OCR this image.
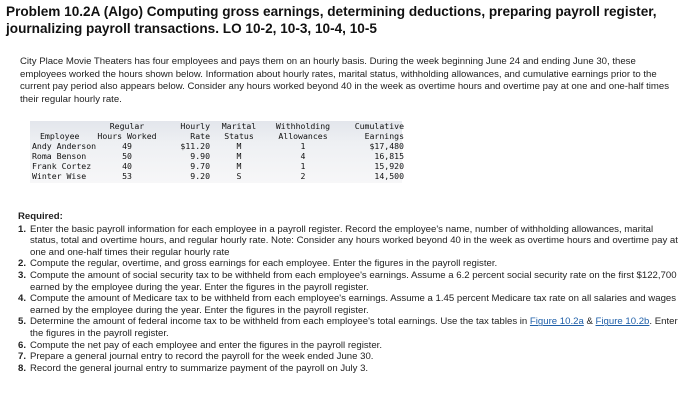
Problem 10.2A (Algo) Computing gross earnings, determining deductions, preparing payroll register, journalizing payroll transactions. LO 10-2, 10-3, 10-4, 10-5
City Place Movie Theaters has four employees and pays them on an hourly basis. During the week beginning June 24 and ending June 30, these employees worked the hours shown below. Information about hourly rates, marital status, withholding allowances, and cumulative earnings prior to the current pay period also appears below. Consider any hours worked beyond 40 in the week as overtime hours and overtime pay at one and one-half times their regular hourly rate.
Regular	Hourly	Marital	Withholding	Cumulative
Employee	Hours Worked	Rate	Status	Allowances	Earnings
Andy Anderson	49	$11.20	M	1	$17,480
Roma Benson	50	9.90	M	4	16,815
Frank Cortez	40	9.70	M	1	15,920
Winter Wise	53	9.20	S	2	14,500
Required:
1. Enter the basic payroll information for each employee in a payroll register. Record the employee's name, number of withholding allowances, marital status, total and overtime hours, and regular hourly rate. Note: Consider any hours worked beyond 40 in the week as overtime hours and overtime pay at one and one-half times their regular hourly rate
2. Compute the regular, overtime, and gross earnings for each employee. Enter the figures in the payroll register.
3. Compute the amount of social security tax to be withheld from each employee's earnings. Assume a 6.2 percent social security rate on the first $122,700 earned by the employee during the year. Enter the figures in the payroll register.
4. Compute the amount of Medicare tax to be withheld from each employee's earnings. Assume a 1.45 percent Medicare tax rate on all salaries and wages earned by the employee during the year. Enter the figures in the payroll register.
5. Determine the amount of federal income tax to be withheld from each employee's total earnings. Use the tax tables in Figure 10.2a & Figure 10.2b. Enter the figures in the payroll register.
6. Compute the net pay of each employee and enter the figures in the payroll register.
7. Prepare a general journal entry to record the payroll for the week ended June 30.
8. Record the general journal entry to summarize payment of the payroll on July 3.
